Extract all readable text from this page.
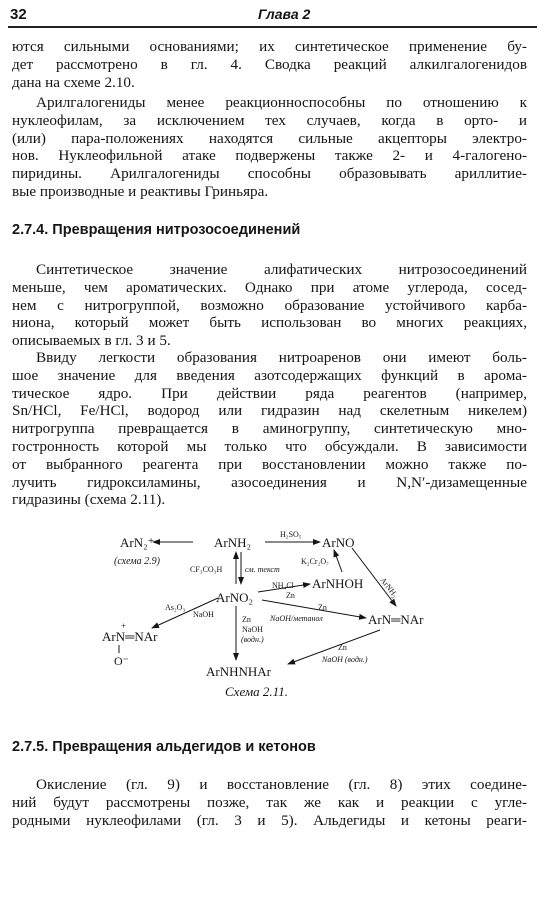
32	Глава 2
ются сильными основаниями; их синтетическое применение бу-
дет рассмотрено в гл. 4. Сводка реакций алкилгалогенидов
дана на схеме 2.10.
Арилгалогениды менее реакционноспособны по отношению к
нуклеофилам, за исключением тех случаев, когда в орто- и
(или) пара-положениях находятся сильные акцепторы электро-
нов. Нуклеофильной атаке подвержены также 2- и 4-галогено-
пиридины. Арилгалогениды способны образовывать ариллитие-
вые производные и реактивы Гриньяра.
2.7.4. Превращения нитрозосоединений
Синтетическое значение алифатических нитрозосоединений
меньше, чем ароматических. Однако при атоме углерода, сосед-
нем с нитрогруппой, возможно образование устойчивого карба-
ниона, который может быть использован во многих реакциях,
описываемых в гл. 3 и 5.
Ввиду легкости образования нитроаренов они имеют боль-
шое значение для введения азотсодержащих функций в арома-
тическое ядро. При действии ряда реагентов (например,
Sn/HCl, Fe/HCl, водород или гидразин над скелетным никелем)
нитрогруппа превращается в аминогруппу, синтетическую мно-
гостронность которой мы только что обсуждали. В зависимости
от выбранного реагента при восстановлении можно также по-
лучить гидроксиламины, азосоединения и N,N′-дизамещенные
гидразины (схема 2.11).
ArN₂⁺	ArNH₂	ArNO
ArNHOH
ArNO₂
ArN═NAr
ArN═NAr
+
O⁻
ArNHNHAr
(схема 2.9)
H₂SO₅
K₂Cr₂O₇
CF₃CO₃H	см. текст
NH₄Cl
Zn	ArNH₂
As₂O₃
NaOH
Zn
NaOH/метанол
Zn
NaOH
(водн.)
Zn
NaOH (водн.)
Схема 2.11.
2.7.5. Превращения альдегидов и кетонов
Окисление (гл. 9) и восстановление (гл. 8) этих соедине-
ний будут рассмотрены позже, так же как и реакции с угле-
родными нуклеофилами (гл. 3 и 5). Альдегиды и кетоны реаги-
